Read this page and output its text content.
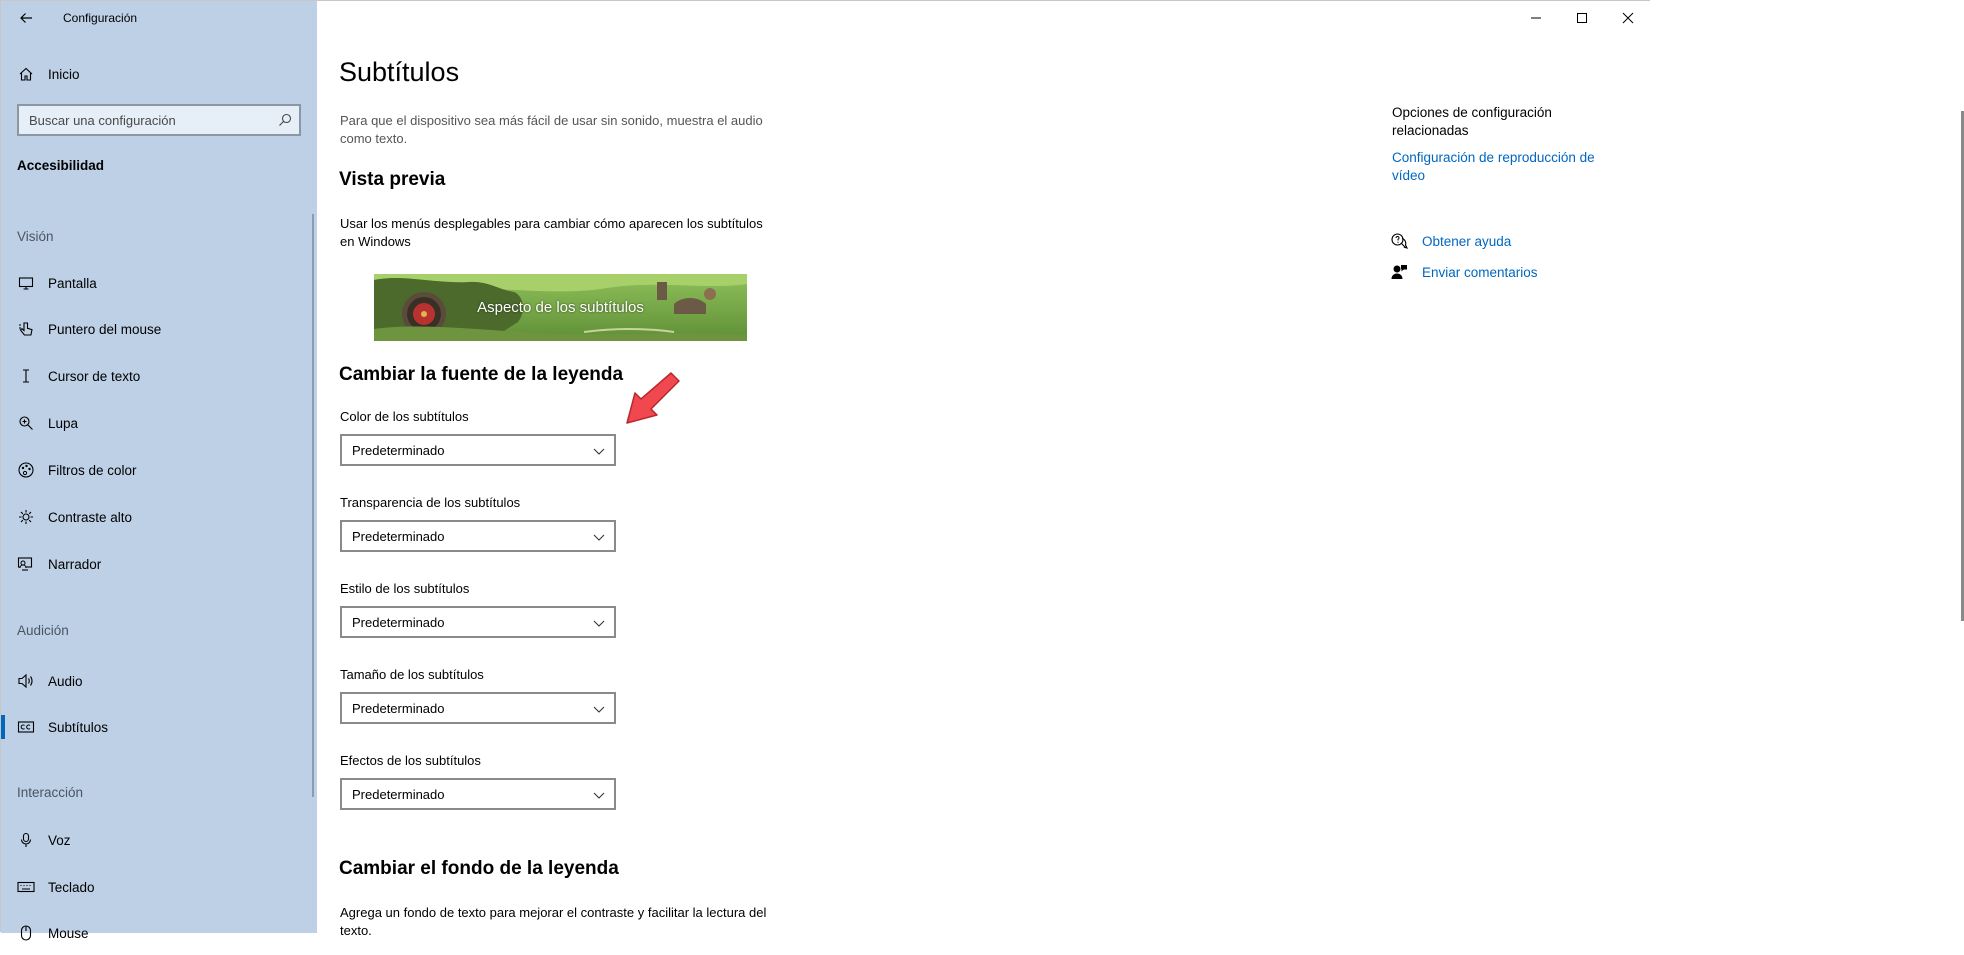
Configuración
Inicio
Buscar una configuración
Accesibilidad
Visión
Pantalla
Puntero del mouse
Cursor de texto
Lupa
Filtros de color
Contraste alto
Narrador
Audición
Audio
Subtítulos
Interacción
Voz
Teclado
Mouse
Subtítulos

Para que el dispositivo sea más fácil de usar sin sonido, muestra el audio como texto.

Vista previa

Usar los menús desplegables para cambiar cómo aparecen los subtítulos en Windows

Aspecto de los subtítulos
Cambiar la fuente de la leyenda
Color de los subtítulos
Predeterminado
Transparencia de los subtítulos
Predeterminado
Estilo de los subtítulos
Predeterminado
Tamaño de los subtítulos
Predeterminado
Efectos de los subtítulos
Predeterminado
Cambiar el fondo de la leyenda

Agrega un fondo de texto para mejorar el contraste y facilitar la lectura del texto.

Opciones de configuración relacionadas
Configuración de reproducción de vídeo
Obtener ayuda
Enviar comentarios
